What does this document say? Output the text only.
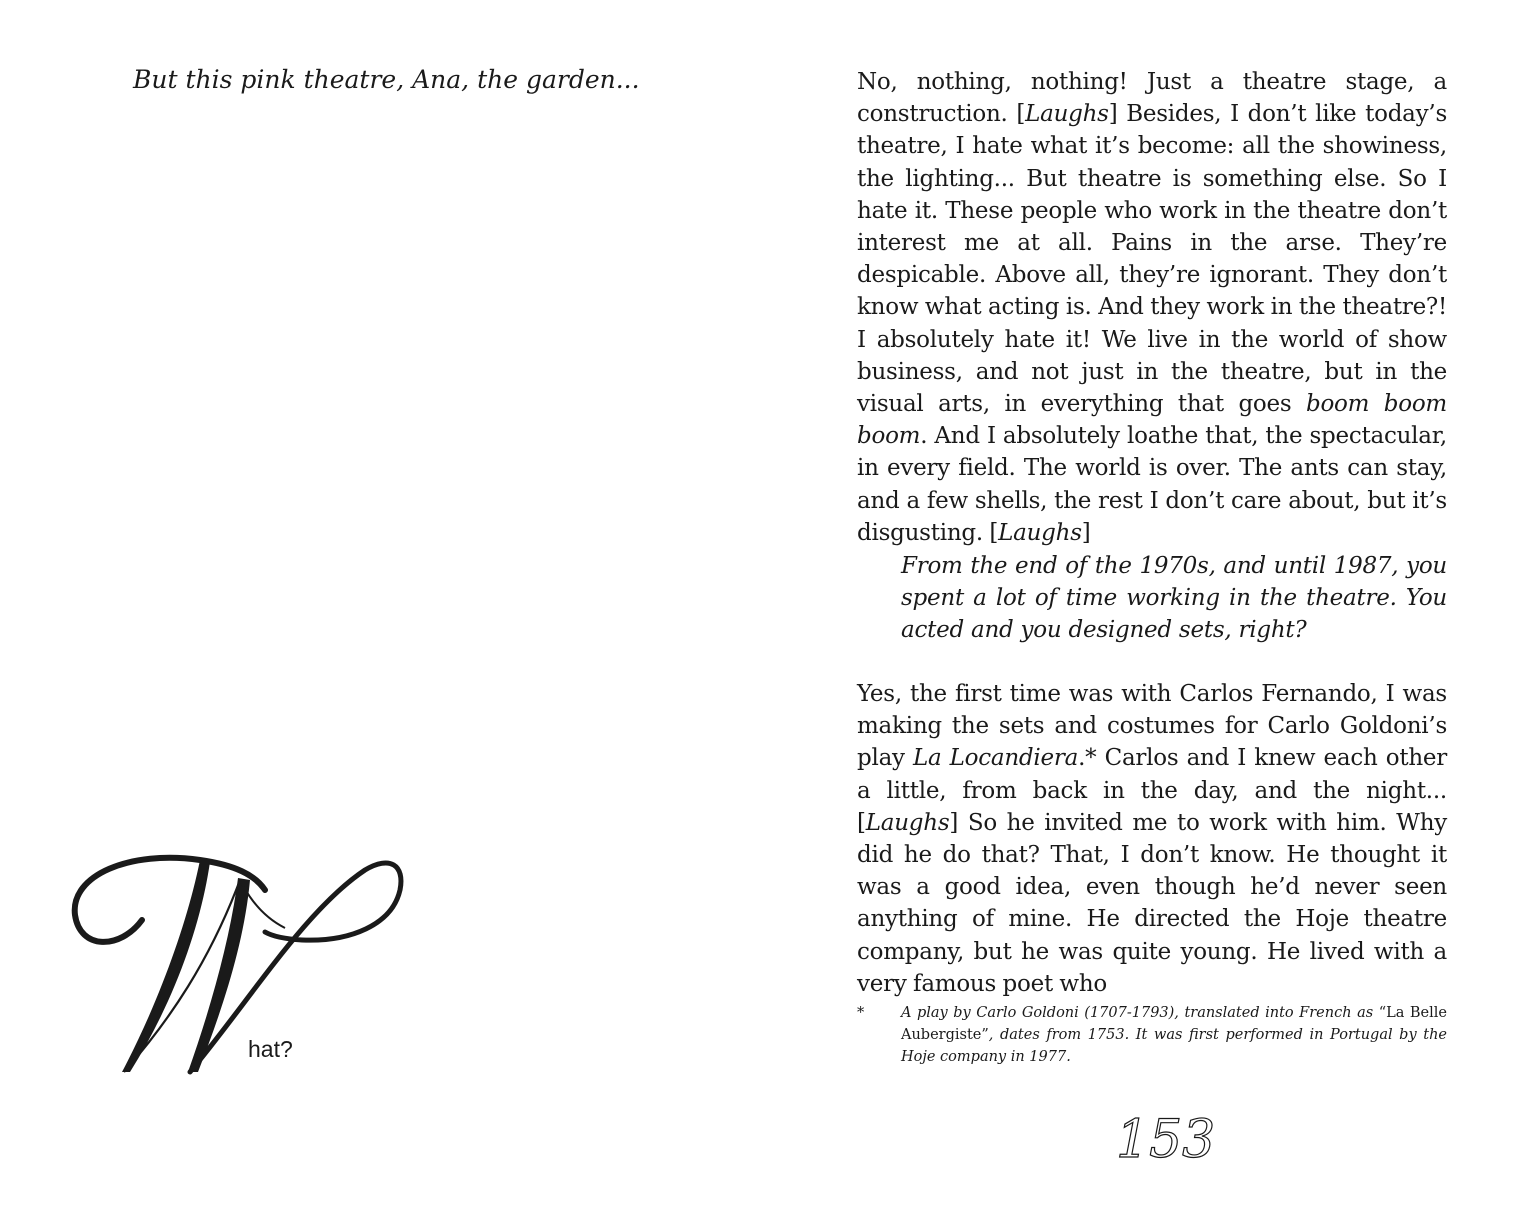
But this pink theatre, Ana, the garden...
hat?

No, nothing, nothing! Just a theatre stage, a construction. [Laughs] Besides, I don’t like today’s theatre, I hate what it’s become: all the showiness, the lighting... But theatre is something else. So I hate it. These people who work in the theatre don’t interest me at all. Pains in the arse. They’re despicable. Above all, they’re ignorant. They don’t know what acting is. And they work in the theatre?! I absolutely hate it! We live in the world of show business, and not just in the theatre, but in the visual arts, in everything that goes boom boom boom. And I absolutely loathe that, the spectacular, in every field. The world is over. The ants can stay, and a few shells, the rest I don’t care about, but it’s disgusting. [Laughs]

From the end of the 1970s, and until 1987, you spent a lot of time working in the theatre. You acted and you designed sets, right?

Yes, the first time was with Carlos Fernando, I was making the sets and costumes for Carlo Goldoni’s play La Locandiera.* Carlos and I knew each other a little, from back in the day, and the night... [Laughs] So he invited me to work with him. Why did he do that? That, I don’t know. He thought it was a good idea, even though he’d never seen anything of mine. He directed the Hoje theatre company, but he was quite young. He lived with a very famous poet who

*	A play by Carlo Goldoni (1707-1793), translated into French as “La Belle Aubergiste”, dates from 1753. It was first performed in Portugal by the Hoje company in 1977.
153
